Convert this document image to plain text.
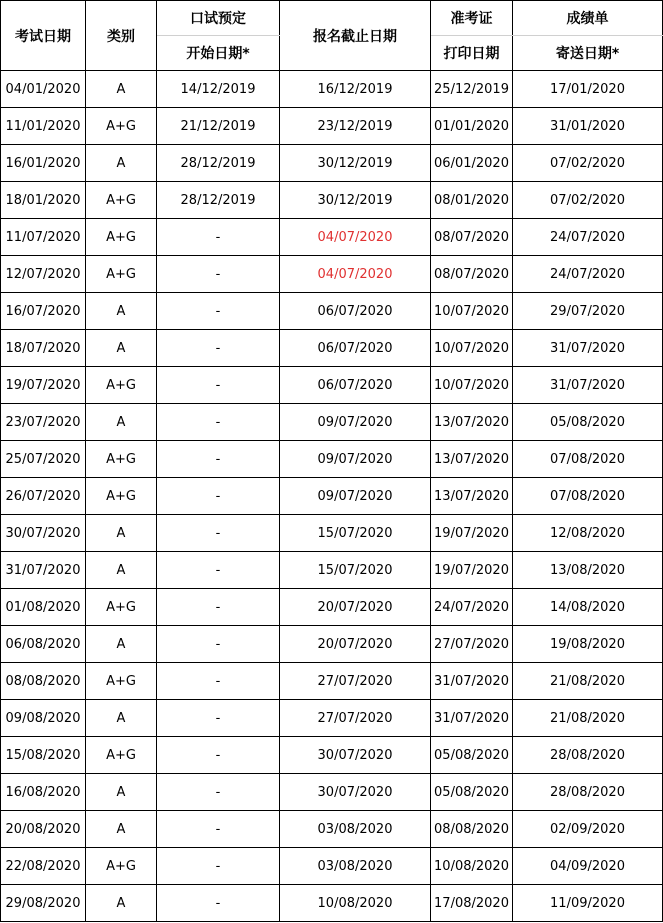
考试日期	类别	口试预定	报名截止日期	准考证	成绩单
		开始日期*		打印日期	寄送日期*
04/01/2020	A	14/12/2019	16/12/2019	25/12/2019	17/01/2020
11/01/2020	A+G	21/12/2019	23/12/2019	01/01/2020	31/01/2020
16/01/2020	A	28/12/2019	30/12/2019	06/01/2020	07/02/2020
18/01/2020	A+G	28/12/2019	30/12/2019	08/01/2020	07/02/2020
11/07/2020	A+G	-	04/07/2020	08/07/2020	24/07/2020
12/07/2020	A+G	-	04/07/2020	08/07/2020	24/07/2020
16/07/2020	A	-	06/07/2020	10/07/2020	29/07/2020
18/07/2020	A	-	06/07/2020	10/07/2020	31/07/2020
19/07/2020	A+G	-	06/07/2020	10/07/2020	31/07/2020
23/07/2020	A	-	09/07/2020	13/07/2020	05/08/2020
25/07/2020	A+G	-	09/07/2020	13/07/2020	07/08/2020
26/07/2020	A+G	-	09/07/2020	13/07/2020	07/08/2020
30/07/2020	A	-	15/07/2020	19/07/2020	12/08/2020
31/07/2020	A	-	15/07/2020	19/07/2020	13/08/2020
01/08/2020	A+G	-	20/07/2020	24/07/2020	14/08/2020
06/08/2020	A	-	20/07/2020	27/07/2020	19/08/2020
08/08/2020	A+G	-	27/07/2020	31/07/2020	21/08/2020
09/08/2020	A	-	27/07/2020	31/07/2020	21/08/2020
15/08/2020	A+G	-	30/07/2020	05/08/2020	28/08/2020
16/08/2020	A	-	30/07/2020	05/08/2020	28/08/2020
20/08/2020	A	-	03/08/2020	08/08/2020	02/09/2020
22/08/2020	A+G	-	03/08/2020	10/08/2020	04/09/2020
29/08/2020	A	-	10/08/2020	17/08/2020	11/09/2020
